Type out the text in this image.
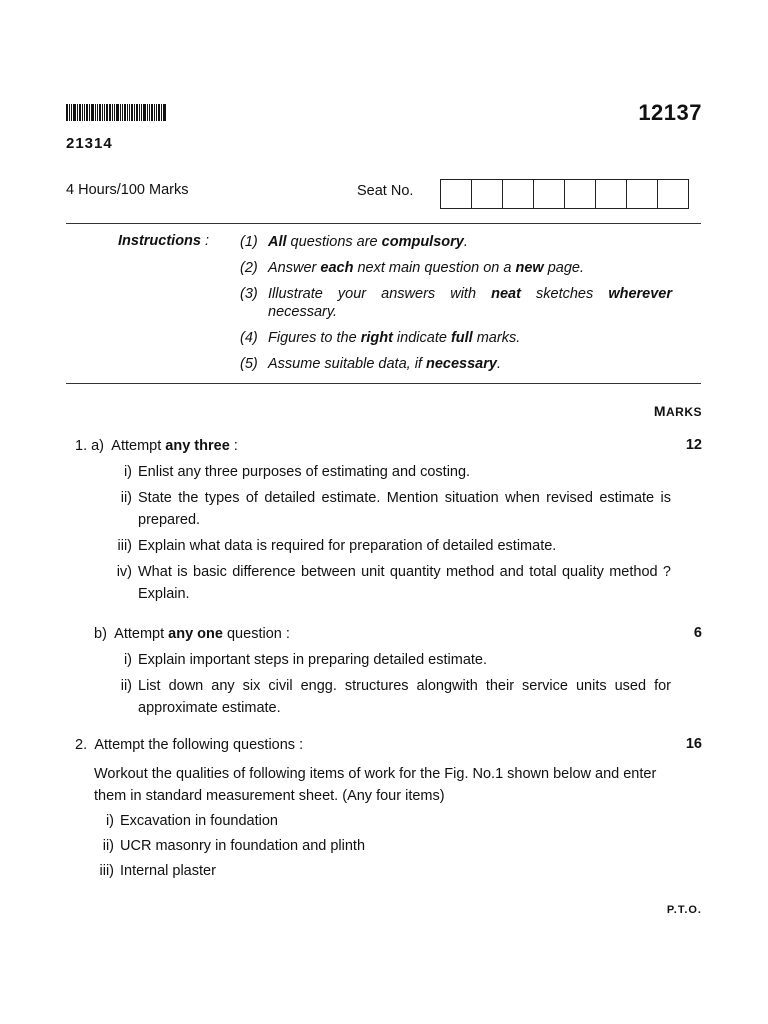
12137
21314
4 Hours/100 Marks	Seat No.
Instructions : (1) All questions are compulsory.
(2) Answer each next main question on a new page.
(3) Illustrate your answers with neat sketches wherever necessary.
(4) Figures to the right indicate full marks.
(5) Assume suitable data, if necessary.
MARKS
1. a) Attempt any three :	12
i) Enlist any three purposes of estimating and costing.
ii) State the types of detailed estimate. Mention situation when revised estimate is prepared.
iii) Explain what data is required for preparation of detailed estimate.
iv) What is basic difference between unit quantity method and total quality method ? Explain.
b) Attempt any one question :	6
i) Explain important steps in preparing detailed estimate.
ii) List down any six civil engg. structures alongwith their service units used for approximate estimate.
2. Attempt the following questions :	16
Workout the qualities of following items of work for the Fig. No.1 shown below and enter them in standard measurement sheet. (Any four items)
i) Excavation in foundation
ii) UCR masonry in foundation and plinth
iii) Internal plaster
P.T.O.
